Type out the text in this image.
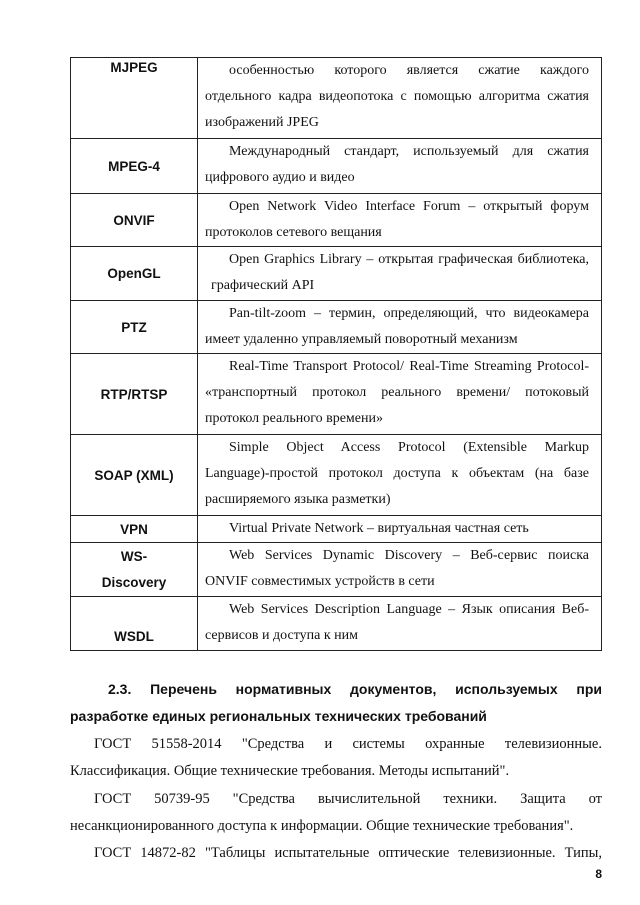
MJPEG	особенностью которого является сжатие каждого
отдельного кадра видеопотока с помощью алгоритма сжатия изображений JPEG

MPEG-4	Международный стандарт, используемый для сжатия
цифрового аудио и видео

ONVIF	Open Network Video Interface Forum – открытый форум
протоколов сетевого вещания

OpenGL	Open Graphics Library – открытая графическая библиотека,
графический API

PTZ	Pan-tilt-zoom – термин, определяющий, что видеокамера
имеет удаленно управляемый поворотный механизм

RTP/RTSP	Real-Time Transport Protocol/ Real-Time Streaming Protocol-
«транспортный протокол реального времени/ потоковый протокол реального времени»

SOAP (XML)	Simple Object Access Protocol (Extensible Markup
Language)-простой протокол доступа к объектам (на базе расширяемого языка разметки)

VPN	Virtual Private Network – виртуальная частная сеть

WS-
Discovery	Web Services Dynamic Discovery – Веб-сервис поиска
ONVIF совместимых устройств в сети

WSDL	Web Services Description Language – Язык описания Веб-
сервисов и доступа к ним
2.3. Перечень нормативных документов, используемых при
разработке единых региональных технических требований
ГОСТ 51558-2014 "Средства и системы охранные телевизионные.
Классификация. Общие технические требования. Методы испытаний".
ГОСТ 50739-95 "Средства вычислительной техники. Защита от
несанкционированного доступа к информации. Общие технические требования".
ГОСТ 14872-82 "Таблицы испытательные оптические телевизионные. Типы,
8
